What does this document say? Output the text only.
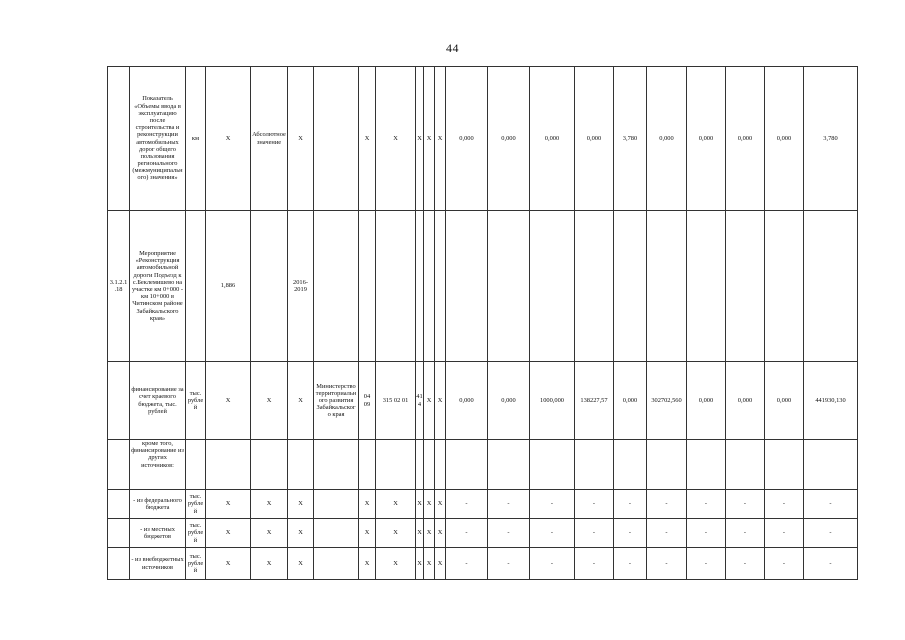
44
	Показатель «Объемы ввода в эксплуатацию после строительства и реконструкции автомобильных дорог общего пользования регионального (межмуниципального) значения»	км	Х	Абсолютное значение	Х		Х	Х	Х	Х	Х	0,000	0,000	0,000	0,000	3,780	0,000	0,000	0,000	0,000	3,780
3.1.2.1.18	Мероприятие «Реконструкция автомобильной дороги Подъезд к с.Беклемишево на участке км 0+000 - км 10+000 в Читинском районе Забайкальского края»		1,886		2016-2019																
	финансирование за счет краевого бюджета, тыс. рублей	тыс. рублей	Х	Х	Х	Министерство территориального развития Забайкальского края	04 09	315 02 01	414	Х	Х	0,000	0,000	1000,000	138227,57	0,000	302702,560	0,000	0,000	0,000	441930,130
	кроме того, финансирование из других источников:																				
	- из федерального бюджета	тыс. рублей	Х	Х	Х		Х	Х	Х	Х	Х	-	-	-	-	-	-	-	-	-	-
	- из местных бюджетов	тыс. рублей	Х	Х	Х		Х	Х	Х	Х	Х	-	-	-	-	-	-	-	-	-	-
	- из внебюджетных источников	тыс. рублей	Х	Х	Х		Х	Х	Х	Х	Х	-	-	-	-	-	-	-	-	-	-
